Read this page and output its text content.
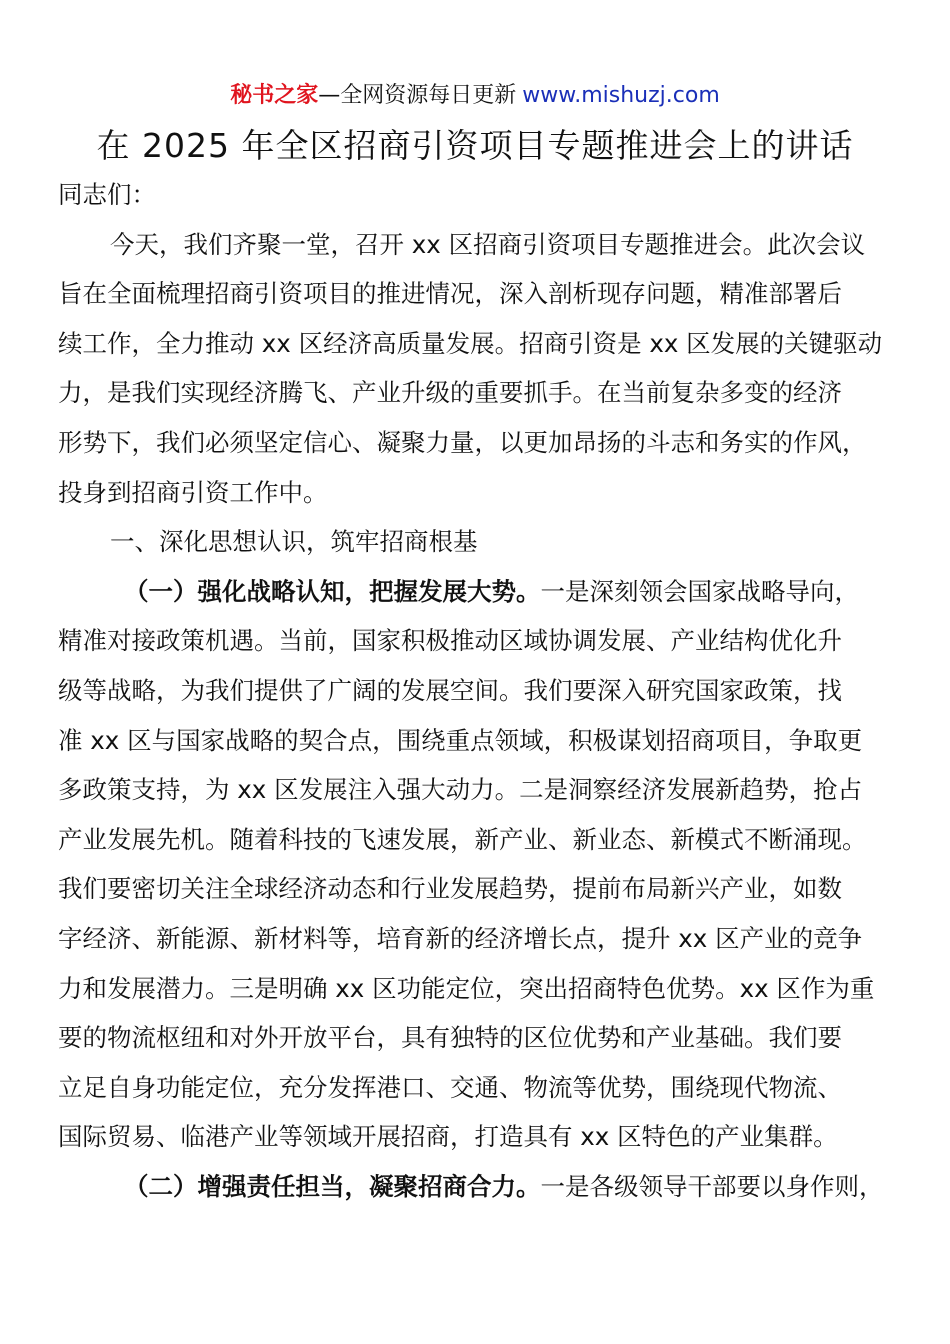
秘书之家—全网资源每日更新 www.mishuzj.com
在 2025 年全区招商引资项目专题推进会上的讲话
同志们：
今天，我们齐聚一堂，召开 xx 区招商引资项目专题推进会。此次会议
旨在全面梳理招商引资项目的推进情况，深入剖析现存问题，精准部署后
续工作，全力推动 xx 区经济高质量发展。招商引资是 xx 区发展的关键驱动
力，是我们实现经济腾飞、产业升级的重要抓手。在当前复杂多变的经济
形势下，我们必须坚定信心、凝聚力量，以更加昂扬的斗志和务实的作风，
投身到招商引资工作中。
一、深化思想认识，筑牢招商根基
（一）强化战略认知，把握发展大势。一是深刻领会国家战略导向，
精准对接政策机遇。当前，国家积极推动区域协调发展、产业结构优化升
级等战略，为我们提供了广阔的发展空间。我们要深入研究国家政策，找
准 xx 区与国家战略的契合点，围绕重点领域，积极谋划招商项目，争取更
多政策支持，为 xx 区发展注入强大动力。二是洞察经济发展新趋势，抢占
产业发展先机。随着科技的飞速发展，新产业、新业态、新模式不断涌现。
我们要密切关注全球经济动态和行业发展趋势，提前布局新兴产业，如数
字经济、新能源、新材料等，培育新的经济增长点，提升 xx 区产业的竞争
力和发展潜力。三是明确 xx 区功能定位，突出招商特色优势。xx 区作为重
要的物流枢纽和对外开放平台，具有独特的区位优势和产业基础。我们要
立足自身功能定位，充分发挥港口、交通、物流等优势，围绕现代物流、
国际贸易、临港产业等领域开展招商，打造具有 xx 区特色的产业集群。
（二）增强责任担当，凝聚招商合力。一是各级领导干部要以身作则，
